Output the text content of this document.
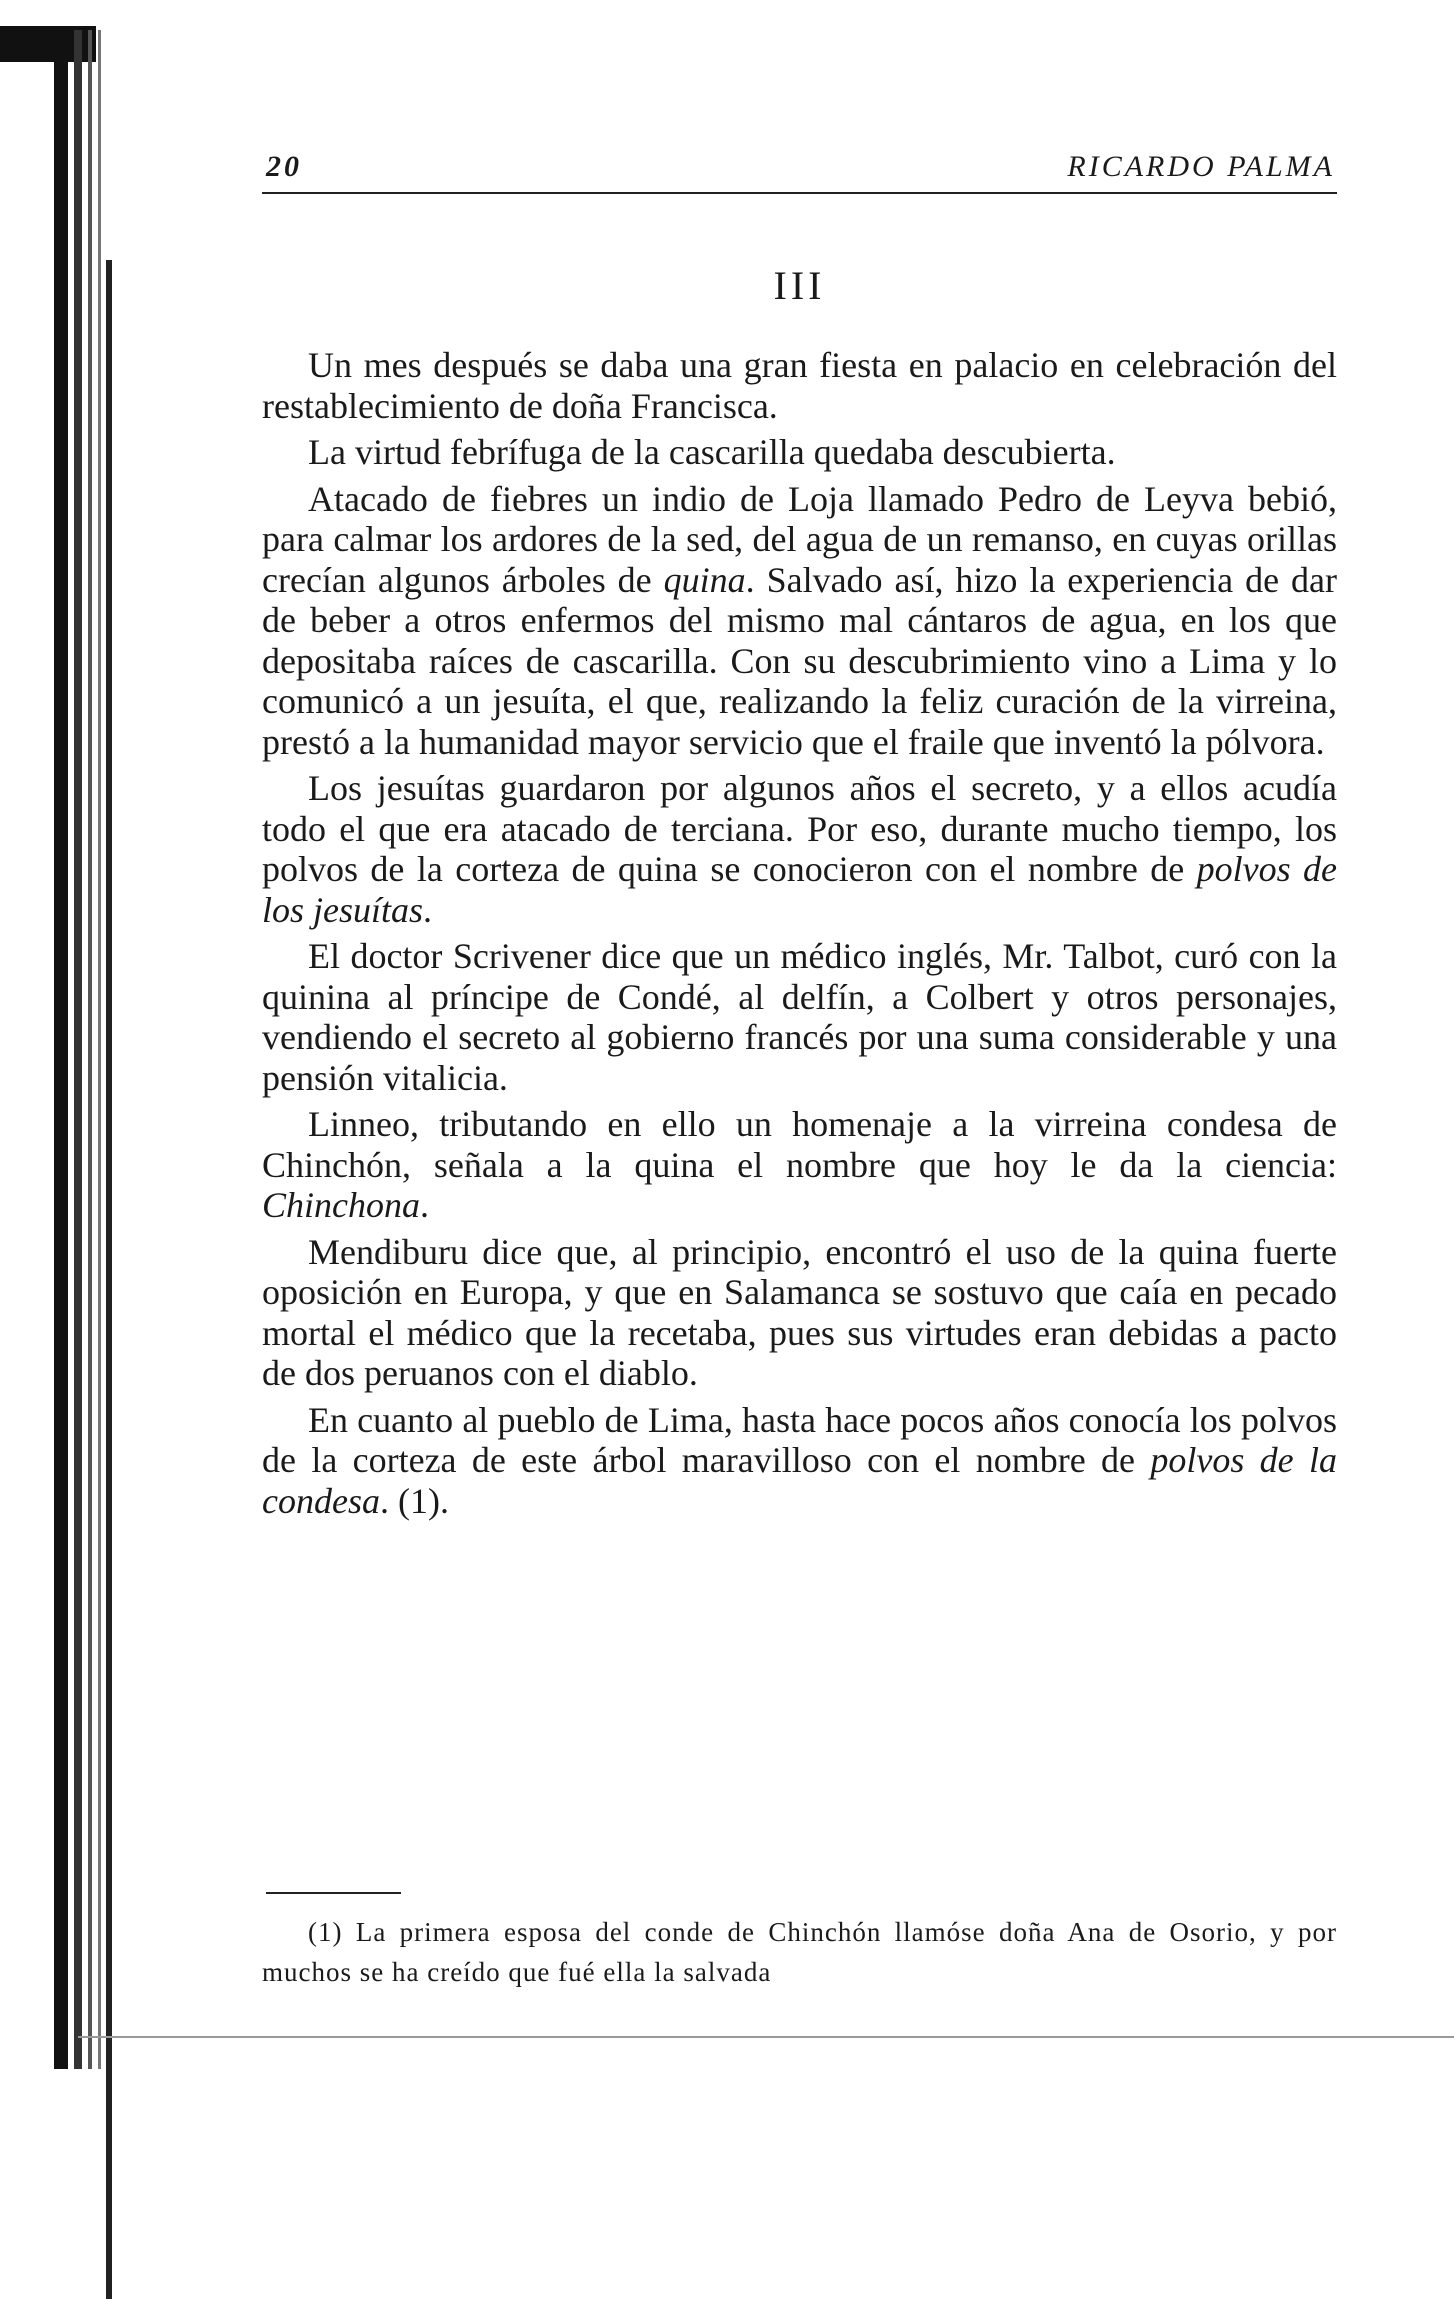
20	RICARDO PALMA
III

Un mes después se daba una gran fiesta en palacio en celebración del restablecimiento de doña Francisca.

La virtud febrífuga de la cascarilla quedaba descubierta.

Atacado de fiebres un indio de Loja llamado Pedro de Leyva bebió, para calmar los ardores de la sed, del agua de un remanso, en cuyas orillas crecían algunos árboles de quina. Salvado así, hizo la experiencia de dar de beber a otros enfermos del mismo mal cántaros de agua, en los que depositaba raíces de cascarilla. Con su descubrimiento vino a Lima y lo comunicó a un jesuíta, el que, realizando la feliz curación de la virreina, prestó a la humanidad mayor servicio que el fraile que inventó la pólvora.

Los jesuítas guardaron por algunos años el secreto, y a ellos acudía todo el que era atacado de terciana. Por eso, durante mucho tiempo, los polvos de la corteza de quina se conocieron con el nombre de polvos de los jesuítas.

El doctor Scrivener dice que un médico inglés, Mr. Talbot, curó con la quinina al príncipe de Condé, al delfín, a Colbert y otros personajes, vendiendo el secreto al gobierno francés por una suma considerable y una pensión vitalicia.

Linneo, tributando en ello un homenaje a la virreina condesa de Chinchón, señala a la quina el nombre que hoy le da la ciencia: Chinchona.

Mendiburu dice que, al principio, encontró el uso de la quina fuerte oposición en Europa, y que en Salamanca se sostuvo que caía en pecado mortal el médico que la recetaba, pues sus virtudes eran debidas a pacto de dos peruanos con el diablo.

En cuanto al pueblo de Lima, hasta hace pocos años conocía los polvos de la corteza de este árbol maravilloso con el nombre de polvos de la condesa. (1).

(1) La primera esposa del conde de Chinchón llamóse doña Ana de Osorio, y por muchos se ha creído que fué ella la salvada
